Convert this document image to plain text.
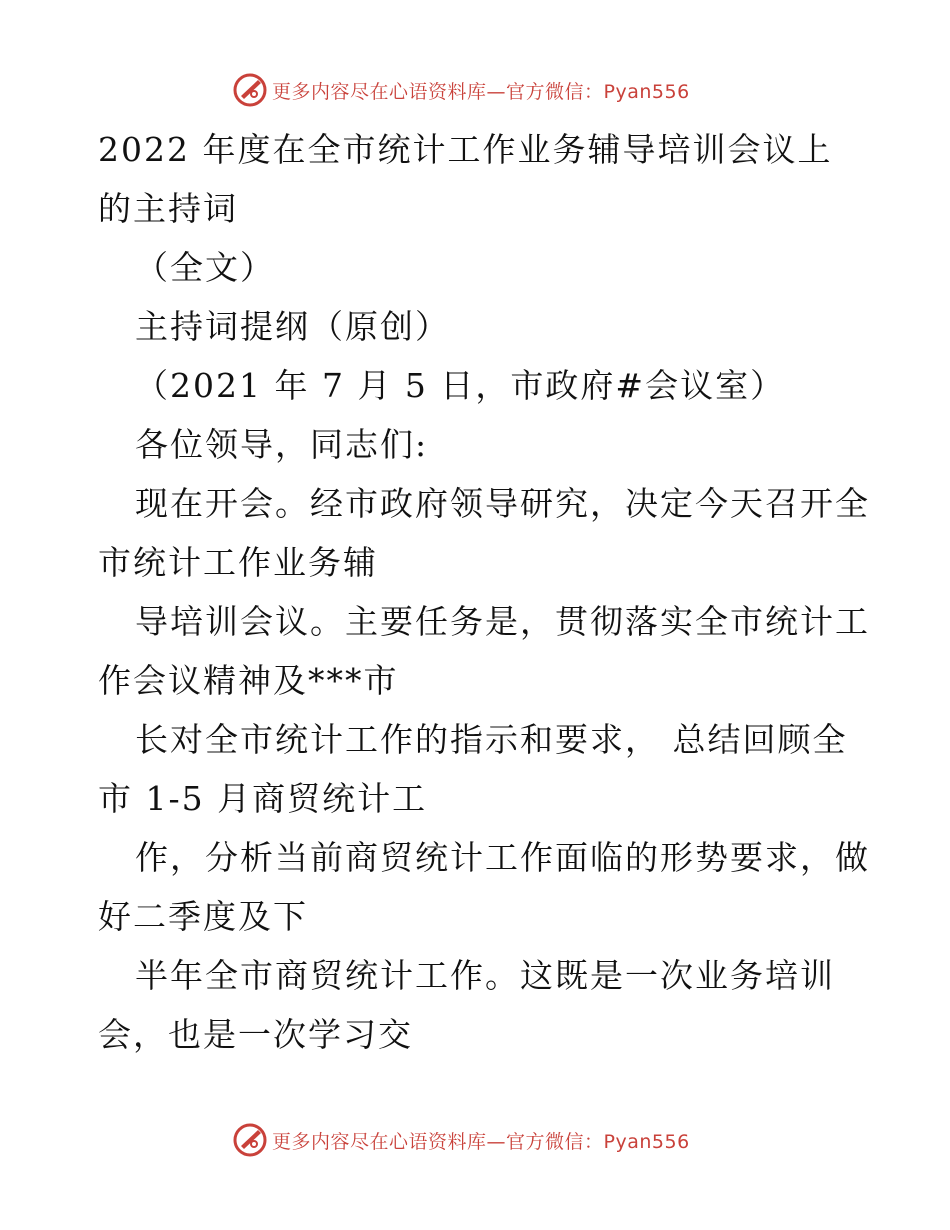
更多内容尽在心语资料库—官方微信：Pyan556
2022 年度在全市统计工作业务辅导培训会议上
的主持词
（全文）
主持词提纲（原创）
（2021 年 7 月 5 日，市政府#会议室）
各位领导，同志们:
现在开会。经市政府领导研究，决定今天召开全
市统计工作业务辅
导培训会议。主要任务是，贯彻落实全市统计工
作会议精神及***市
长对全市统计工作的指示和要求， 总结回顾全
市 1-5 月商贸统计工
作，分析当前商贸统计工作面临的形势要求，做
好二季度及下
半年全市商贸统计工作。这既是一次业务培训
会，也是一次学习交
更多内容尽在心语资料库—官方微信：Pyan556
